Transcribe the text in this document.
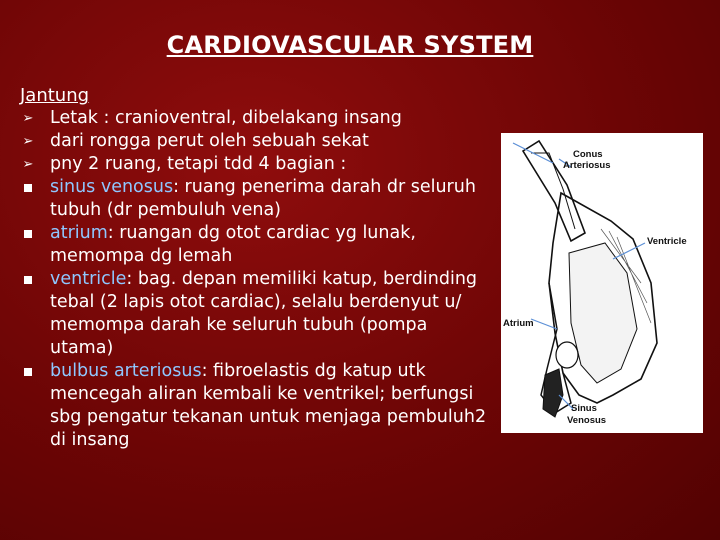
CARDIOVASCULAR SYSTEM
Jantung
➢ Letak : cranioventral, dibelakang insang
➢ dari rongga perut oleh sebuah sekat
➢ pny 2 ruang, tetapi tdd 4 bagian :
sinus venosus: ruang penerima darah dr seluruh tubuh (dr pembuluh vena)
atrium: ruangan dg otot cardiac yg lunak, memompa dg lemah
ventricle: bag. depan memiliki katup, berdinding tebal (2 lapis otot cardiac), selalu berdenyut u/ memompa darah ke seluruh tubuh (pompa utama)
bulbus arteriosus: fibroelastis dg katup utk mencegah aliran kembali ke ventrikel; berfungsi sbg pengatur tekanan untuk menjaga pembuluh2 di insang
Conus
Arteriosus
Ventricle
Atrium
Sinus
Venosus
